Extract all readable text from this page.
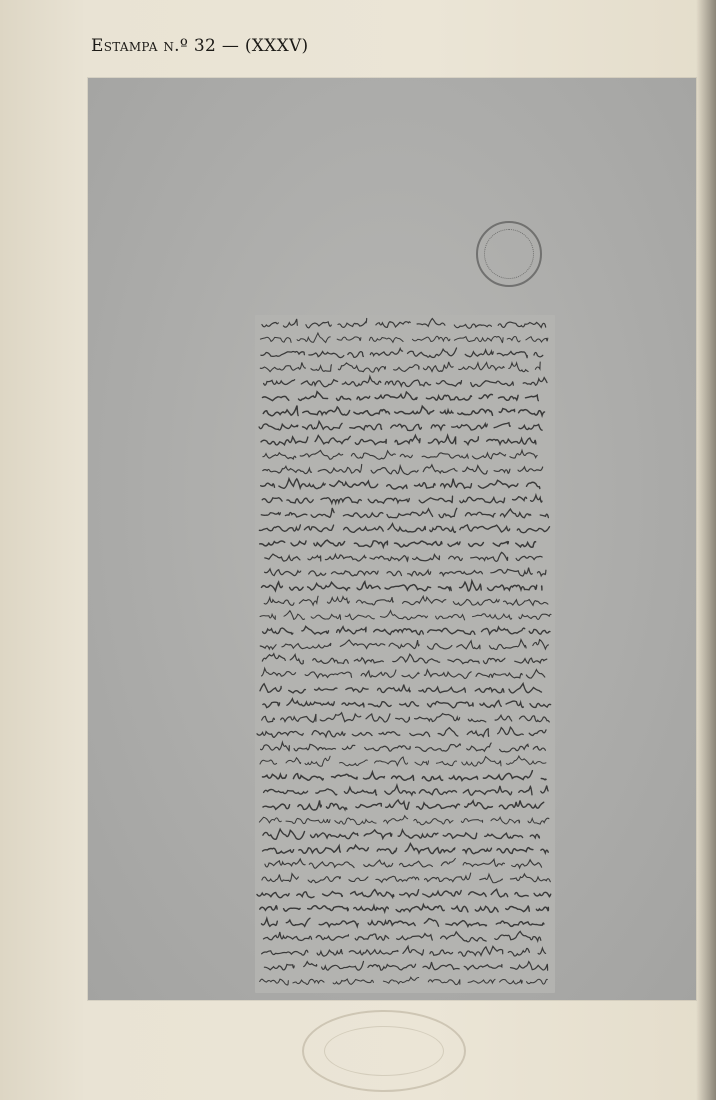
Estampa n.º 32 — (XXXV)
